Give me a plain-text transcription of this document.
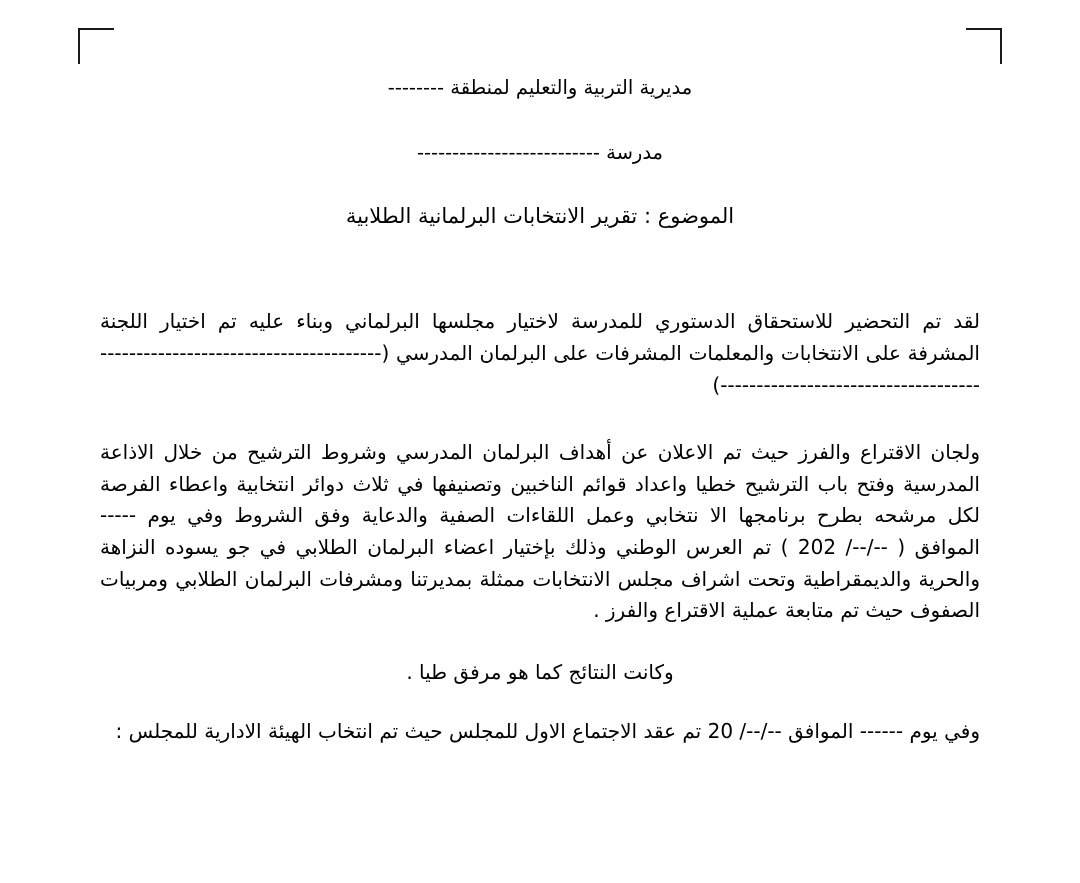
مديرية التربية والتعليم لمنطقة --------
مدرسة --------------------------
الموضوع : تقرير الانتخابات البرلمانية الطلابية
لقد تم التحضير للاستحقاق الدستوري للمدرسة لاختيار مجلسها البرلماني وبناء عليه تم اختيار اللجنة المشرفة على الانتخابات والمعلمات المشرفات على البرلمان المدرسي (---------------------------------------------------------------------------)
ولجان الاقتراع والفرز حيث تم الاعلان عن أهداف البرلمان المدرسي وشروط الترشيح من خلال الاذاعة المدرسية وفتح باب الترشيح خطيا واعداد قوائم الناخبين وتصنيفها في ثلاث دوائر انتخابية واعطاء الفرصة لكل مرشحه بطرح برنامجها الا نتخابي وعمل اللقاءات الصفية والدعاية وفق الشروط وفي يوم ----- الموافق ( --/--/ 202 ) تم العرس الوطني وذلك بإختيار اعضاء البرلمان الطلابي في جو يسوده النزاهة والحرية والديمقراطية وتحت اشراف مجلس الانتخابات ممثلة بمديرتنا ومشرفات البرلمان الطلابي ومربيات الصفوف حيث تم متابعة عملية الاقتراع والفرز .
وكانت النتائج كما هو مرفق طيا .
وفي يوم ------ الموافق --/--/ 20 تم عقد الاجتماع الاول للمجلس حيث تم انتخاب الهيئة الادارية للمجلس :
